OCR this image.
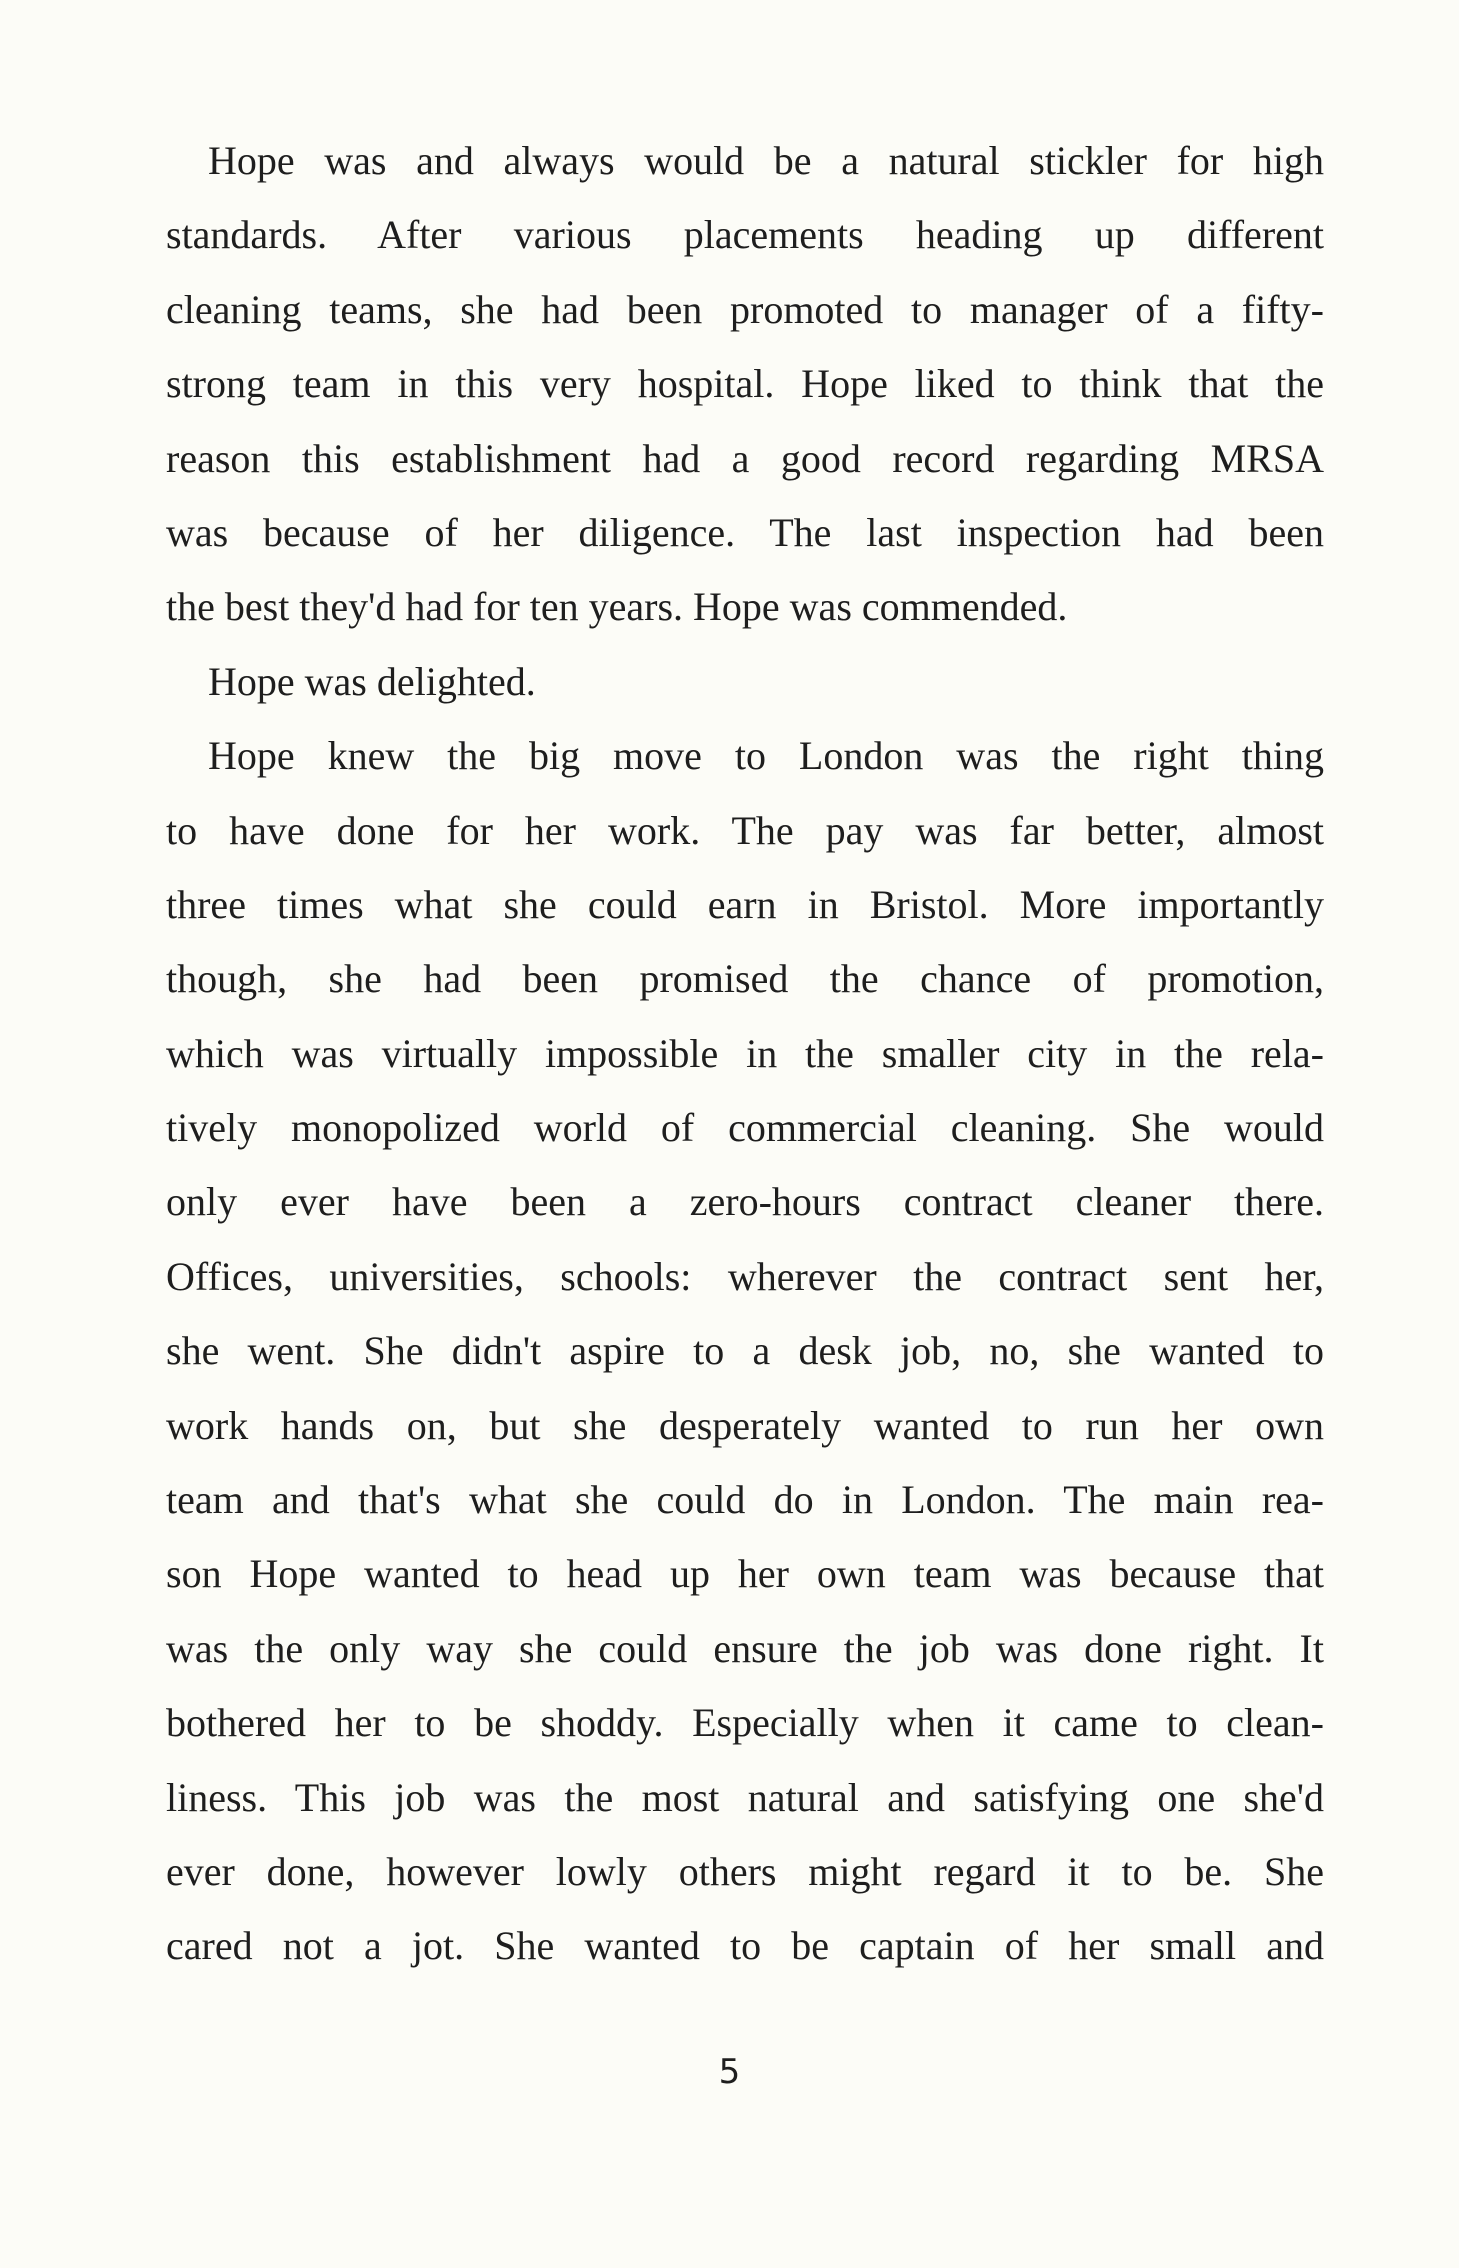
Hope was and always would be a natural stickler for high
standards. After various placements heading up different
cleaning teams, she had been promoted to manager of a fifty-
strong team in this very hospital. Hope liked to think that the
reason this establishment had a good record regarding MRSA
was because of her diligence. The last inspection had been
the best they'd had for ten years. Hope was commended.
Hope was delighted.
Hope knew the big move to London was the right thing
to have done for her work. The pay was far better, almost
three times what she could earn in Bristol. More importantly
though, she had been promised the chance of promotion,
which was virtually impossible in the smaller city in the rela-
tively monopolized world of commercial cleaning. She would
only ever have been a zero-hours contract cleaner there.
Offices, universities, schools: wherever the contract sent her,
she went. She didn't aspire to a desk job, no, she wanted to
work hands on, but she desperately wanted to run her own
team and that's what she could do in London. The main rea-
son Hope wanted to head up her own team was because that
was the only way she could ensure the job was done right. It
bothered her to be shoddy. Especially when it came to clean-
liness. This job was the most natural and satisfying one she'd
ever done, however lowly others might regard it to be. She
cared not a jot. She wanted to be captain of her small and
5
